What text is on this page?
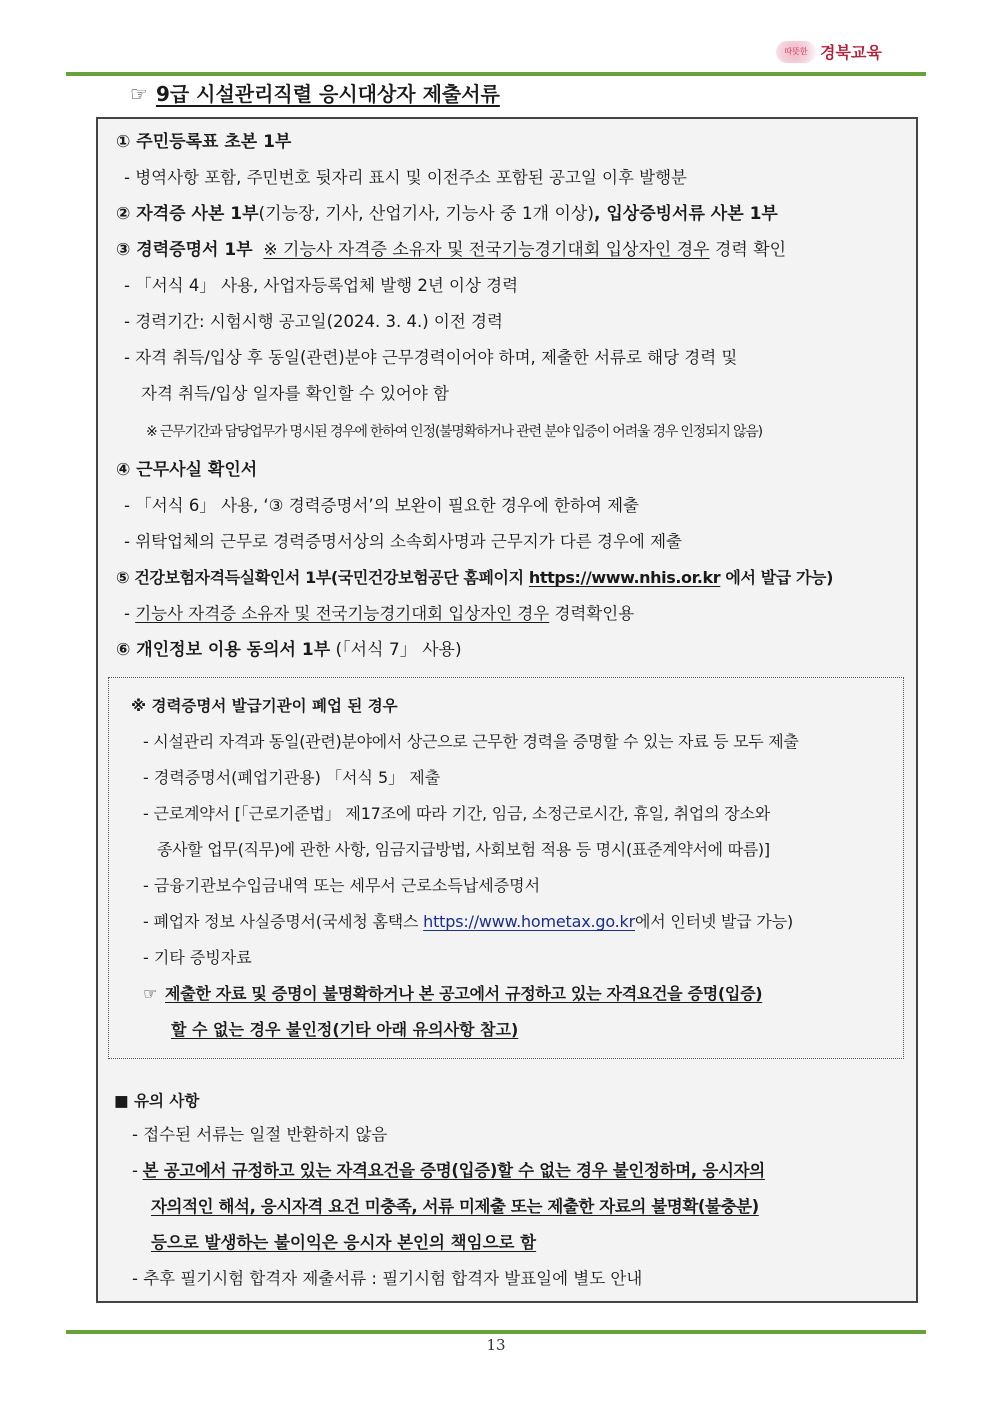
따뜻한 경북교육
☞ 9급 시설관리직렬 응시대상자 제출서류
① 주민등록표 초본 1부
- 병역사항 포함, 주민번호 뒷자리 표시 및 이전주소 포함된 공고일 이후 발행분
② 자격증 사본 1부(기능장, 기사, 산업기사, 기능사 중 1개 이상), 입상증빙서류 사본 1부
③ 경력증명서 1부 ※ 기능사 자격증 소유자 및 전국기능경기대회 입상자인 경우 경력 확인
- 「서식 4」 사용, 사업자등록업체 발행 2년 이상 경력
- 경력기간: 시험시행 공고일(2024. 3. 4.) 이전 경력
- 자격 취득/입상 후 동일(관련)분야 근무경력이어야 하며, 제출한 서류로 해당 경력 및
자격 취득/입상 일자를 확인할 수 있어야 함
※ 근무기간과 담당업무가 명시된 경우에 한하여 인정(불명확하거나 관련 분야 입증이 어려울 경우 인정되지 않음)
④ 근무사실 확인서
- 「서식 6」 사용, ‘③ 경력증명서’의 보완이 필요한 경우에 한하여 제출
- 위탁업체의 근무로 경력증명서상의 소속회사명과 근무지가 다른 경우에 제출
⑤ 건강보험자격득실확인서 1부(국민건강보험공단 홈페이지 https://www.nhis.or.kr 에서 발급 가능)
- 기능사 자격증 소유자 및 전국기능경기대회 입상자인 경우 경력확인용
⑥ 개인정보 이용 동의서 1부 (「서식 7」 사용)
※ 경력증명서 발급기관이 폐업 된 경우
- 시설관리 자격과 동일(관련)분야에서 상근으로 근무한 경력을 증명할 수 있는 자료 등 모두 제출
- 경력증명서(폐업기관용) 「서식 5」 제출
- 근로계약서 [「근로기준법」 제17조에 따라 기간, 임금, 소정근로시간, 휴일, 취업의 장소와
종사할 업무(직무)에 관한 사항, 임금지급방법, 사회보험 적용 등 명시(표준계약서에 따름)]
- 금융기관보수입금내역 또는 세무서 근로소득납세증명서
- 폐업자 정보 사실증명서(국세청 홈택스 https://www.hometax.go.kr에서 인터넷 발급 가능)
- 기타 증빙자료
☞ 제출한 자료 및 증명이 불명확하거나 본 공고에서 규정하고 있는 자격요건을 증명(입증)
할 수 없는 경우 불인정(기타 아래 유의사항 참고)
■ 유의 사항
- 접수된 서류는 일절 반환하지 않음
- 본 공고에서 규정하고 있는 자격요건을 증명(입증)할 수 없는 경우 불인정하며, 응시자의
자의적인 해석, 응시자격 요건 미충족, 서류 미제출 또는 제출한 자료의 불명확(불충분)
등으로 발생하는 불이익은 응시자 본인의 책임으로 함
- 추후 필기시험 합격자 제출서류 : 필기시험 합격자 발표일에 별도 안내
13
